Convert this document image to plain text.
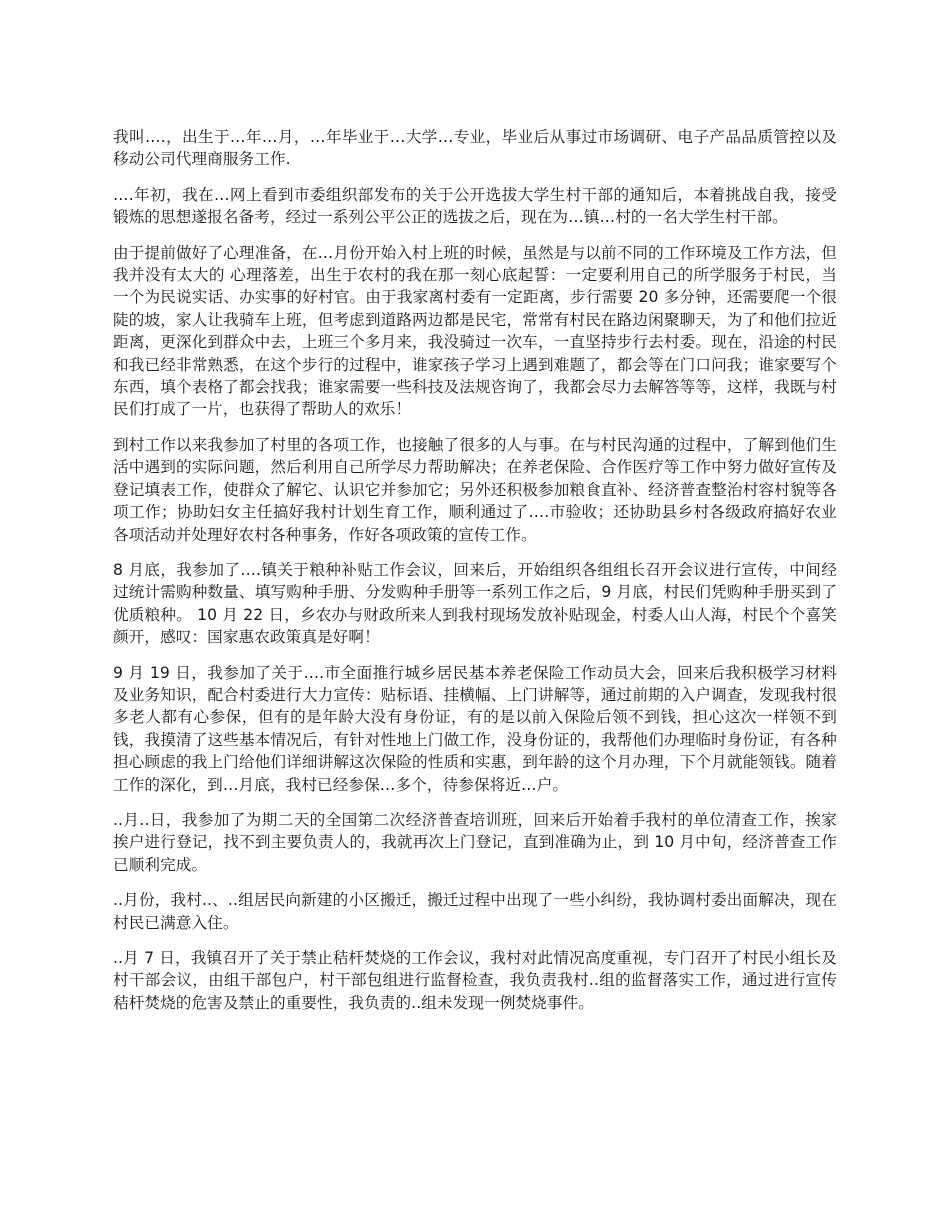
我叫….，出生于…年…月，…年毕业于…大学…专业，毕业后从事过市场调研、电子产品品质管控以及移动公司代理商服务工作.

….年初，我在…网上看到市委组织部发布的关于公开选拔大学生村干部的通知后，本着挑战自我，接受锻炼的思想遂报名备考，经过一系列公平公正的选拔之后，现在为…镇…村的一名大学生村干部。

由于提前做好了心理准备，在…月份开始入村上班的时候，虽然是与以前不同的工作环境及工作方法，但我并没有太大的 心理落差，出生于农村的我在那一刻心底起誓：一定要利用自己的所学服务于村民，当一个为民说实话、办实事的好村官。由于我家离村委有一定距离，步行需要 20 多分钟，还需要爬一个很陡的坡，家人让我骑车上班，但考虑到道路两边都是民宅，常常有村民在路边闲聚聊天，为了和他们拉近距离，更深化到群众中去，上班三个多月来，我没骑过一次车，一直坚持步行去村委。现在，沿途的村民和我已经非常熟悉，在这个步行的过程中，谁家孩子学习上遇到难题了，都会等在门口问我；谁家要写个东西，填个表格了都会找我；谁家需要一些科技及法规咨询了，我都会尽力去解答等等，这样，我既与村民们打成了一片，也获得了帮助人的欢乐！

到村工作以来我参加了村里的各项工作，也接触了很多的人与事。在与村民沟通的过程中，了解到他们生活中遇到的实际问题，然后利用自己所学尽力帮助解决；在养老保险、合作医疗等工作中努力做好宣传及登记填表工作，使群众了解它、认识它并参加它；另外还积极参加粮食直补、经济普查整治村容村貌等各项工作；协助妇女主任搞好我村计划生育工作，顺利通过了….市验收；还协助县乡村各级政府搞好农业各项活动并处理好农村各种事务，作好各项政策的宣传工作。

8 月底，我参加了….镇关于粮种补贴工作会议，回来后，开始组织各组组长召开会议进行宣传，中间经过统计需购种数量、填写购种手册、分发购种手册等一系列工作之后，9 月底，村民们凭购种手册买到了优质粮种。 10 月 22 日，乡农办与财政所来人到我村现场发放补贴现金，村委人山人海，村民个个喜笑颜开，感叹：国家惠农政策真是好啊！

9 月 19 日，我参加了关于….市全面推行城乡居民基本养老保险工作动员大会，回来后我积极学习材料及业务知识，配合村委进行大力宣传：贴标语、挂横幅、上门讲解等，通过前期的入户调查，发现我村很多老人都有心参保，但有的是年龄大没有身份证，有的是以前入保险后领不到钱，担心这次一样领不到钱，我摸清了这些基本情况后，有针对性地上门做工作，没身份证的，我帮他们办理临时身份证，有各种担心顾虑的我上门给他们详细讲解这次保险的性质和实惠，到年龄的这个月办理，下个月就能领钱。随着工作的深化，到…月底，我村已经参保…多个，待参保将近…户。

..月..日，我参加了为期二天的全国第二次经济普查培训班，回来后开始着手我村的单位清查工作，挨家挨户进行登记，找不到主要负责人的，我就再次上门登记，直到准确为止，到 10 月中旬，经济普查工作已顺利完成。

..月份，我村..、..组居民向新建的小区搬迁，搬迁过程中出现了一些小纠纷，我协调村委出面解决，现在村民已满意入住。

..月 7 日，我镇召开了关于禁止秸杆焚烧的工作会议，我村对此情况高度重视，专门召开了村民小组长及村干部会议，由组干部包户，村干部包组进行监督检查，我负责我村..组的监督落实工作，通过进行宣传秸杆焚烧的危害及禁止的重要性，我负责的..组未发现一例焚烧事件。
